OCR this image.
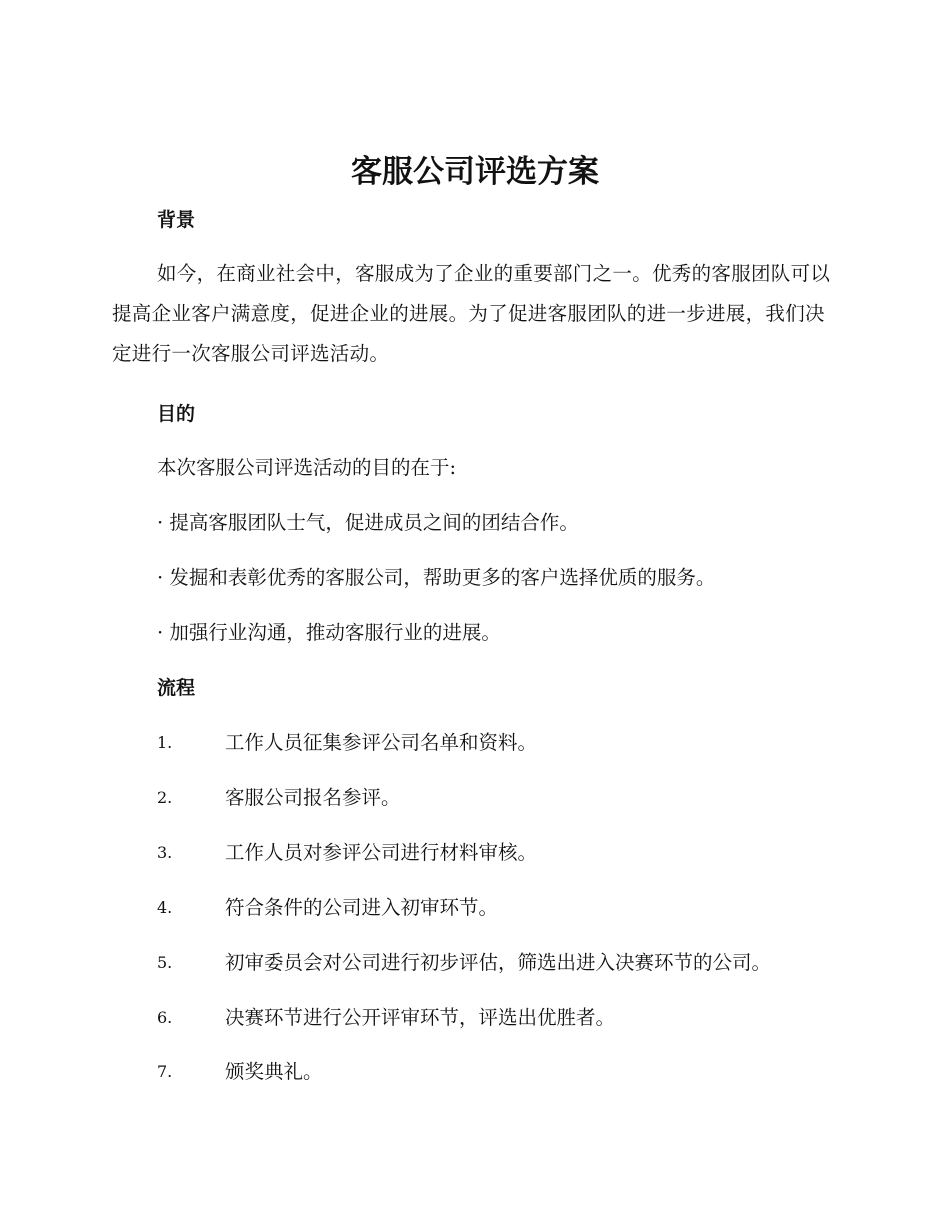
客服公司评选方案
背景

如今，在商业社会中，客服成为了企业的重要部门之一。优秀的客服团队可以提高企业客户满意度，促进企业的进展。为了促进客服团队的进一步进展，我们决定进行一次客服公司评选活动。

目的

本次客服公司评选活动的目的在于:

· 提高客服团队士气，促进成员之间的团结合作。

· 发掘和表彰优秀的客服公司，帮助更多的客户选择优质的服务。

· 加强行业沟通，推动客服行业的进展。

流程
1.	工作人员征集参评公司名单和资料。
2.	客服公司报名参评。
3.	工作人员对参评公司进行材料审核。
4.	符合条件的公司进入初审环节。
5.	初审委员会对公司进行初步评估，筛选出进入决赛环节的公司。
6.	决赛环节进行公开评审环节，评选出优胜者。
7.	颁奖典礼。
